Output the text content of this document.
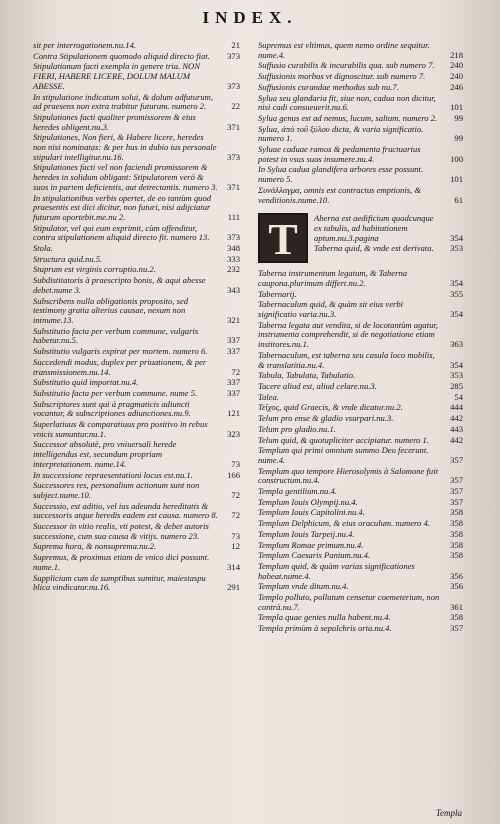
INDEX.
sit per interrogationem.nu.14.	21
Contra Stipulationem quomodo aliquid directo fiat. 373
Stipulationum facti exempla in genere tria. NON FIERI, HABERE LICERE, DOLUM MALUM ABESSE.	373
In stipulatione indicatum solui, & dolum adfuturum, ad praesens non extra trabitur futurum. numero 2.	22
Stipulationes facti qualiter promissorem & eius heredes obligent.nu.3.	371
Stipulationes, Non fieri, & Habere licere, heredes non nisi nominatas: & per hus in dubio ius personale stipulari intelligitur.nu.16.	373
Stipulationes facti vel non faciendi promissorem & heredes in solidum obligant: Stipulatorem verò & suos in partem deficientis, aut detrectantis. numero 3. 371
In stipulationibus verbis opertet, de eo tantùm quod praesentis est dici dicitur, non futuri, nisi adijciatur futurum oportebit.me.nu 2.	111
Stipulator, vel qui eum exprimit, cùm offenditur, contra stipulationem aliquid directo fit. numero 13. 373
Stola.	348
Structura quid.nu.5.	333
Stuprum est virginis corruptio.nu.2.	232
Subdistitatoris à praescripto bonis, & aqui abesse debet.nume 3.	343
Subscribens nulla obligationis proposito, sed testimony gratia alterius causae, nexum non intnume.13.	321
Substitutio facta per verbum commune, vulgaris habetur.nu.5.	337
Substitutio vulgaris expirat per mortem. numero 6. 337
Succedendi modus, duplex per priuationem, & per transmissionem.nu.14.	72
Substitutio quid importat.nu.4.	337
Substitutio facta per verbum commune. nume 5.	337
Subscriptores sunt qui à pragmaticis adiuncti vocantur, & subscriptiones adiunctiones.nu.9.	121
Superlatiuus & comparatiuus pro positivo in rebus vnicis sumuntur.nu.1.	323
Successor absolutè, pro vniuersali herede intelligendus est, secundum propriam interpretationem. nume.14.	73
In successione repraesentationi locus est.nu.1.	166
Successores res, personalium actionum sunt non subject.nume.10.	72
Successio, est aditio, vel ius adeunda hereditatis & successoris atque heredis eadem est causa. numero 8. 72
Successor in vitio realis, vti potest, & debet autoris successione, cum sua causa & vitijs. numero 23.	73
Suprema hora, & nonsuprema.nu.2.	12
Supremus, & proximus etiam de vnico dici possunt. nume.1.	314
Supplicium cum de sumptibus sumitur, maiestaspu blica vindicatur.nu.16.	291
Supremus est vltimus, quem nemo ordine sequitur. nume.4.	218
Suffusio curabilis & incurabilis qua. sub numero 7. 240
Suffusionis morbus vt dignoscitur. sub numero 7.	240
Suffusionis curandae methodus sub nu.7.	246
Sylua seu glandaria fit, siue non, cadua non dicitur, nisi cadi consueuerit.nu.6.	101
Sylua genus est ad nemus, lucum, saltum. numero 2. 99
Sylua, ἀπὸ τοῦ ξύλου dicta, & varia significatio. numero 1.	99
Syluae caduae ramos & pedamenta fructuarius potest in vsus suos insumere.nu.4.	100
In Sylua cadua glandifera arbores esse possunt. numero 5.	101
Συνάλλαγμα, omnis est contractus emptionis, & venditionis.nume.10.	61
T	Aberna est aedificium quodcunque ex tabulis, ad habitationem aptum.nu.3.pagina	354
Taberna quid, & vnde est derivata. 353
Taberna instrumentum legatum, & Taberna caupona.plurimum differt.nu.2.	354
Tabernarij.	355
Tabernaculum quid, & quàm sit eius verbi significatio varia.nu.3.	354
Taberna legata aut vendita, si de locotantùm agatur, instrumenta comprehendit, si de negotiatione etiam institores.nu.1.	363
Tabernaculum, est taberna seu casula loco mobilis, & translatitia.nu.4.	354
Tabula, Tabulata, Tabulatio.	353
Tacere aliud est, aliud celare.nu.3.	285
Talea.	54
Τεῖχος, quid Graecis, & vnde dicatur.nu.2.	444
Telum pro ense & gladio vsurpari.nu.3.	442
Telum pro gladio.nu.1.	443
Telum quid, & quotupliciter accipiatur. numero 1. 442
Templum qui primi omnium summo Deo fecerunt. nume.4.	357
Templum quo tempore Hierosolymis à Salomone fuit constructum.nu.4.	357
Templa gentilium.nu.4.	357
Templum Iouis Olympij.nu.4.	357
Templum Iouis Capitolini.nu.4.	358
Templum Delphicum, & eius oraculum. numero 4. 358
Templum Iouis Tarpeij.nu.4.	358
Templum Romae primum.nu.4.	358
Templum Caesaris Panium.nu.4.	358
Templum quid, & quàm varias significationes habeat.nume.4.	356
Templum vnde ditum.nu.4.	356
Templo polluto, pollutum censetur coemeterium, non contrà.nu.7.	361
Templa quae gentes nulla habent.nu.4.	358
Templa primùm à sepulchris orta.nu.4.	357
Templa
